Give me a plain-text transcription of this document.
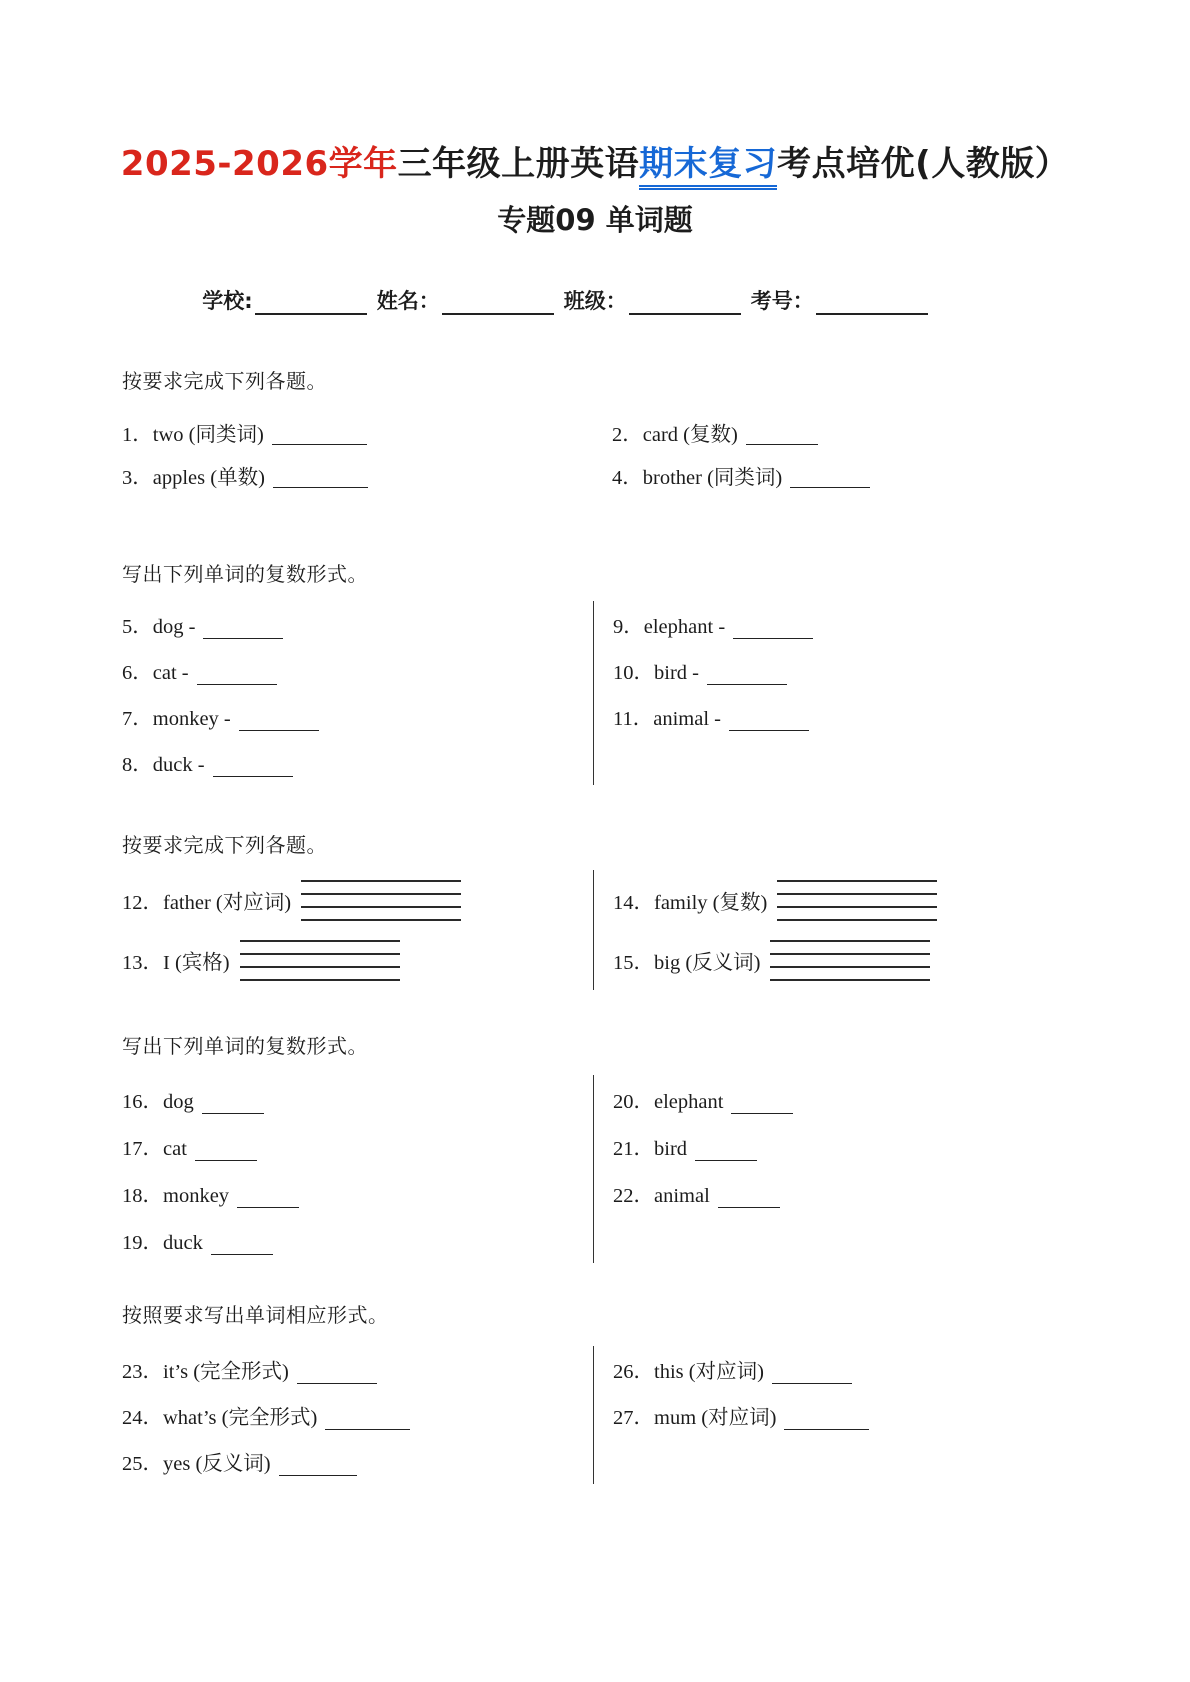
2025-2026学年三年级上册英语期末复习考点培优(人教版）
专题09 单词题
学校:	姓名：	班级：	考号：
按要求完成下列各题。
1．two (同类词)
3．apples (单数)
2．card (复数)
4．brother (同类词)
写出下列单词的复数形式。
5．dog -
6．cat -
7．monkey -
8．duck -
9．elephant -
10．bird -
11．animal -
按要求完成下列各题。
12．father (对应词)
13．I (宾格)
14．family (复数)
15．big (反义词)
写出下列单词的复数形式。
16．dog
17．cat
18．monkey
19．duck
20．elephant
21．bird
22．animal
按照要求写出单词相应形式。
23．it’s (完全形式)
24．what’s (完全形式)
25．yes (反义词)
26．this (对应词)
27．mum (对应词)
